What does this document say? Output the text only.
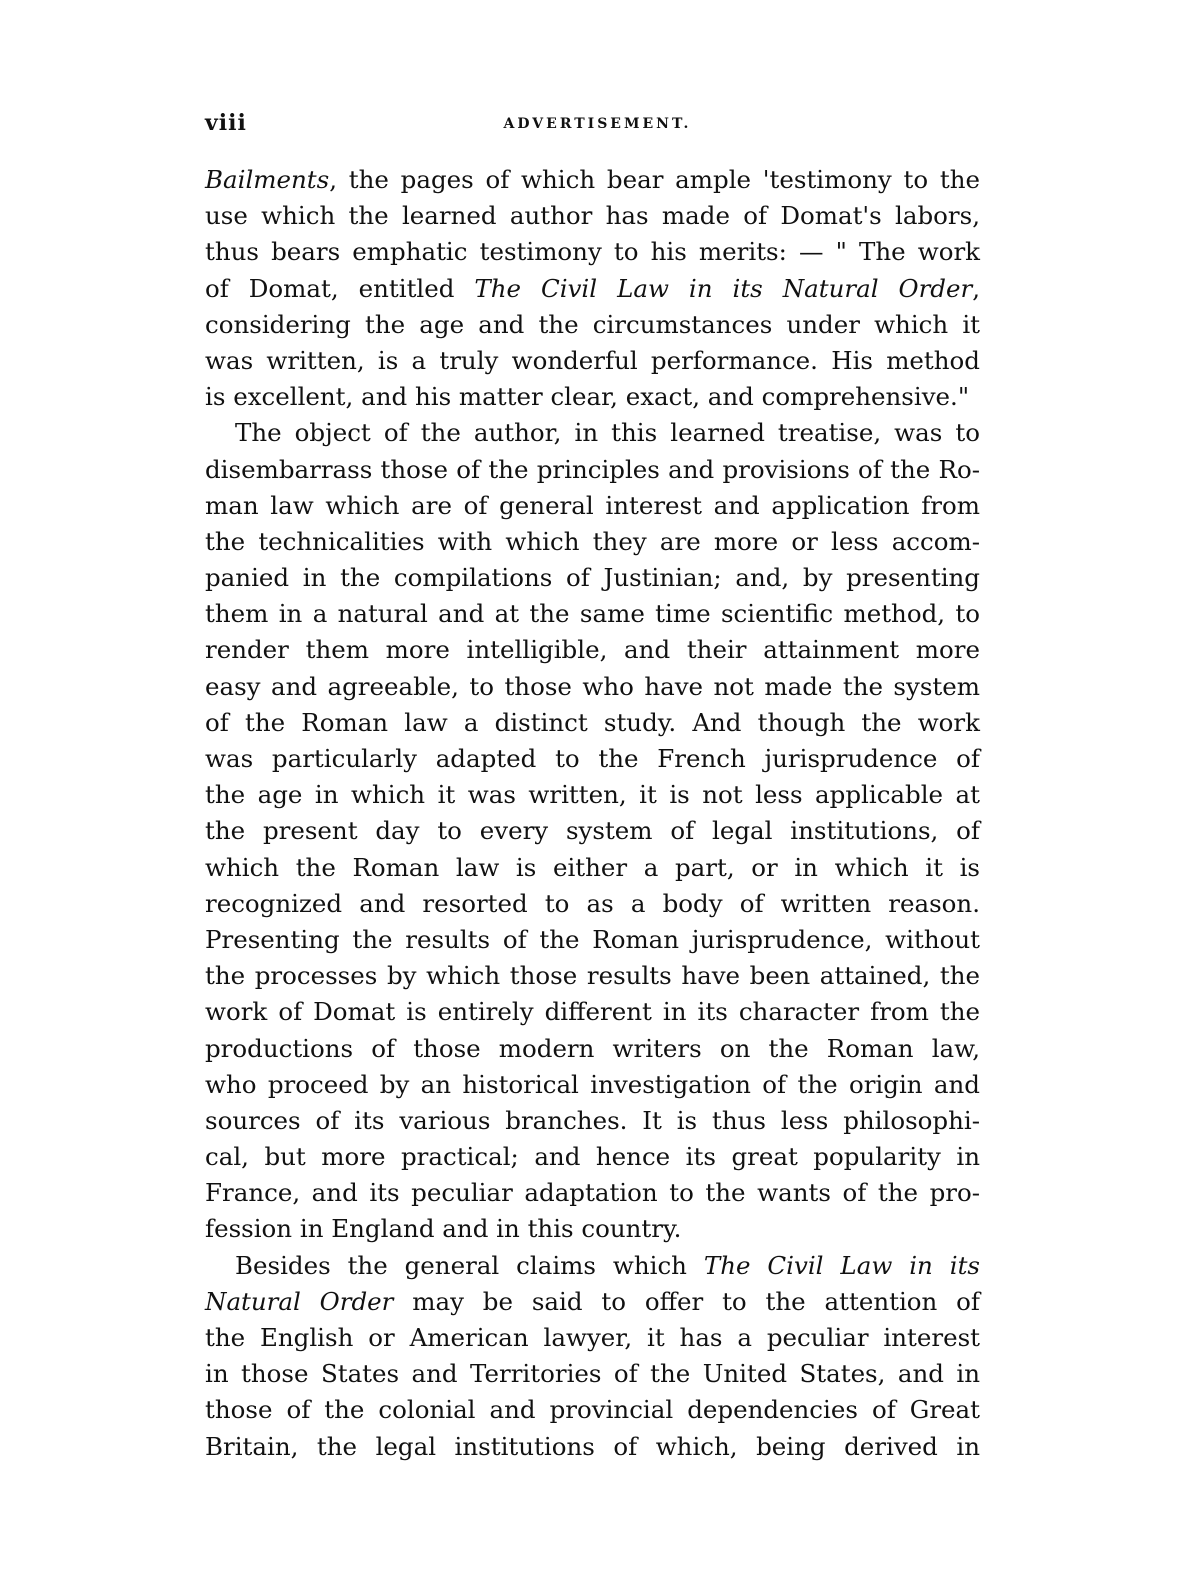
viii	ADVERTISEMENT.
Bailments, the pages of which bear ample 'testimony to the
use which the learned author has made of Domat's labors,
thus bears emphatic testimony to his merits: — " The work
of Domat, entitled The Civil Law in its Natural Order,
considering the age and the circumstances under which it
was written, is a truly wonderful performance. His method
is excellent, and his matter clear, exact, and comprehensive."
The object of the author, in this learned treatise, was to
disembarrass those of the principles and provisions of the Ro-
man law which are of general interest and application from
the technicalities with which they are more or less accom-
panied in the compilations of Justinian; and, by presenting
them in a natural and at the same time scientific method, to
render them more intelligible, and their attainment more
easy and agreeable, to those who have not made the system
of the Roman law a distinct study. And though the work
was particularly adapted to the French jurisprudence of
the age in which it was written, it is not less applicable at
the present day to every system of legal institutions, of
which the Roman law is either a part, or in which it is
recognized and resorted to as a body of written reason.
Presenting the results of the Roman jurisprudence, without
the processes by which those results have been attained, the
work of Domat is entirely different in its character from the
productions of those modern writers on the Roman law,
who proceed by an historical investigation of the origin and
sources of its various branches. It is thus less philosophi-
cal, but more practical; and hence its great popularity in
France, and its peculiar adaptation to the wants of the pro-
fession in England and in this country.
Besides the general claims which The Civil Law in its
Natural Order may be said to offer to the attention of
the English or American lawyer, it has a peculiar interest
in those States and Territories of the United States, and in
those of the colonial and provincial dependencies of Great
Britain, the legal institutions of which, being derived in
